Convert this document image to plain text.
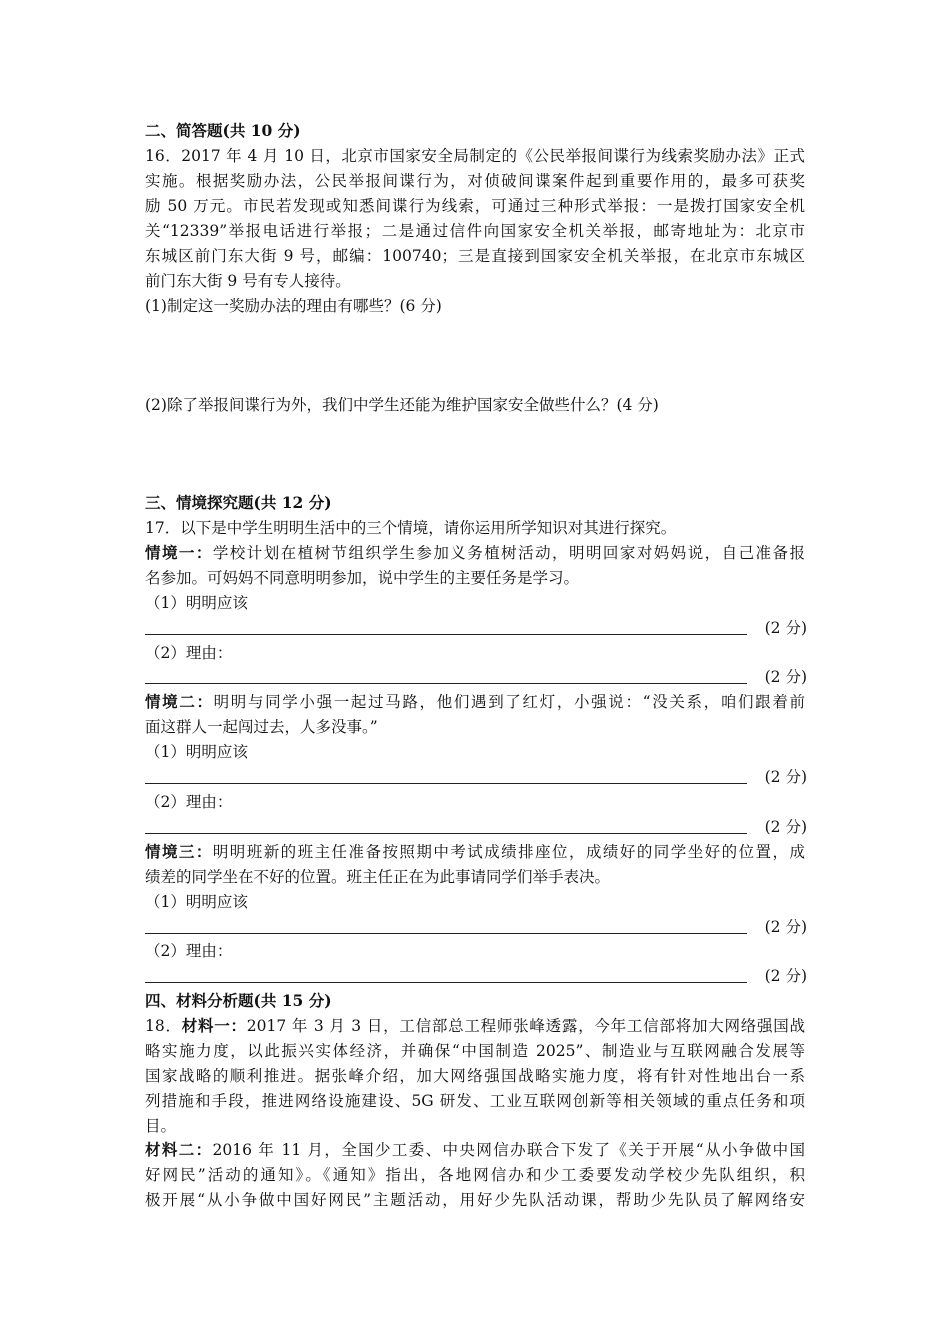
二、简答题(共 10 分)
16．2017 年 4 月 10 日，北京市国家安全局制定的《公民举报间谍行为线索奖励办法》正式
实施。根据奖励办法，公民举报间谍行为，对侦破间谍案件起到重要作用的，最多可获奖
励 50 万元。市民若发现或知悉间谍行为线索，可通过三种形式举报：一是拨打国家安全机
关“12339”举报电话进行举报；二是通过信件向国家安全机关举报，邮寄地址为：北京市
东城区前门东大街 9 号，邮编：100740；三是直接到国家安全机关举报，在北京市东城区
前门东大街 9 号有专人接待。
(1)制定这一奖励办法的理由有哪些？(6 分)
(2)除了举报间谍行为外，我们中学生还能为维护国家安全做些什么？(4 分)
三、情境探究题(共 12 分)
17．以下是中学生明明生活中的三个情境，请你运用所学知识对其进行探究。
情境一：学校计划在植树节组织学生参加义务植树活动，明明回家对妈妈说，自己准备报
名参加。可妈妈不同意明明参加，说中学生的主要任务是学习。
（1）明明应该
(2 分)
（2）理由：
(2 分)
情境二：明明与同学小强一起过马路，他们遇到了红灯，小强说：“没关系，咱们跟着前
面这群人一起闯过去，人多没事。”
（1）明明应该
(2 分)
（2）理由：
(2 分)
情境三：明明班新的班主任准备按照期中考试成绩排座位，成绩好的同学坐好的位置，成
绩差的同学坐在不好的位置。班主任正在为此事请同学们举手表决。
（1）明明应该
(2 分)
（2）理由：
(2 分)
四、材料分析题(共 15 分)
18．材料一：2017 年 3 月 3 日，工信部总工程师张峰透露，今年工信部将加大网络强国战
略实施力度，以此振兴实体经济，并确保“中国制造 2025”、制造业与互联网融合发展等
国家战略的顺利推进。据张峰介绍，加大网络强国战略实施力度，将有针对性地出台一系
列措施和手段，推进网络设施建设、5G 研发、工业互联网创新等相关领域的重点任务和项
目。
材料二：2016 年 11 月，全国少工委、中央网信办联合下发了《关于开展“从小争做中国
好网民”活动的通知》。《通知》指出，各地网信办和少工委要发动学校少先队组织，积
极开展“从小争做中国好网民”主题活动，用好少先队活动课，帮助少先队员了解网络安
